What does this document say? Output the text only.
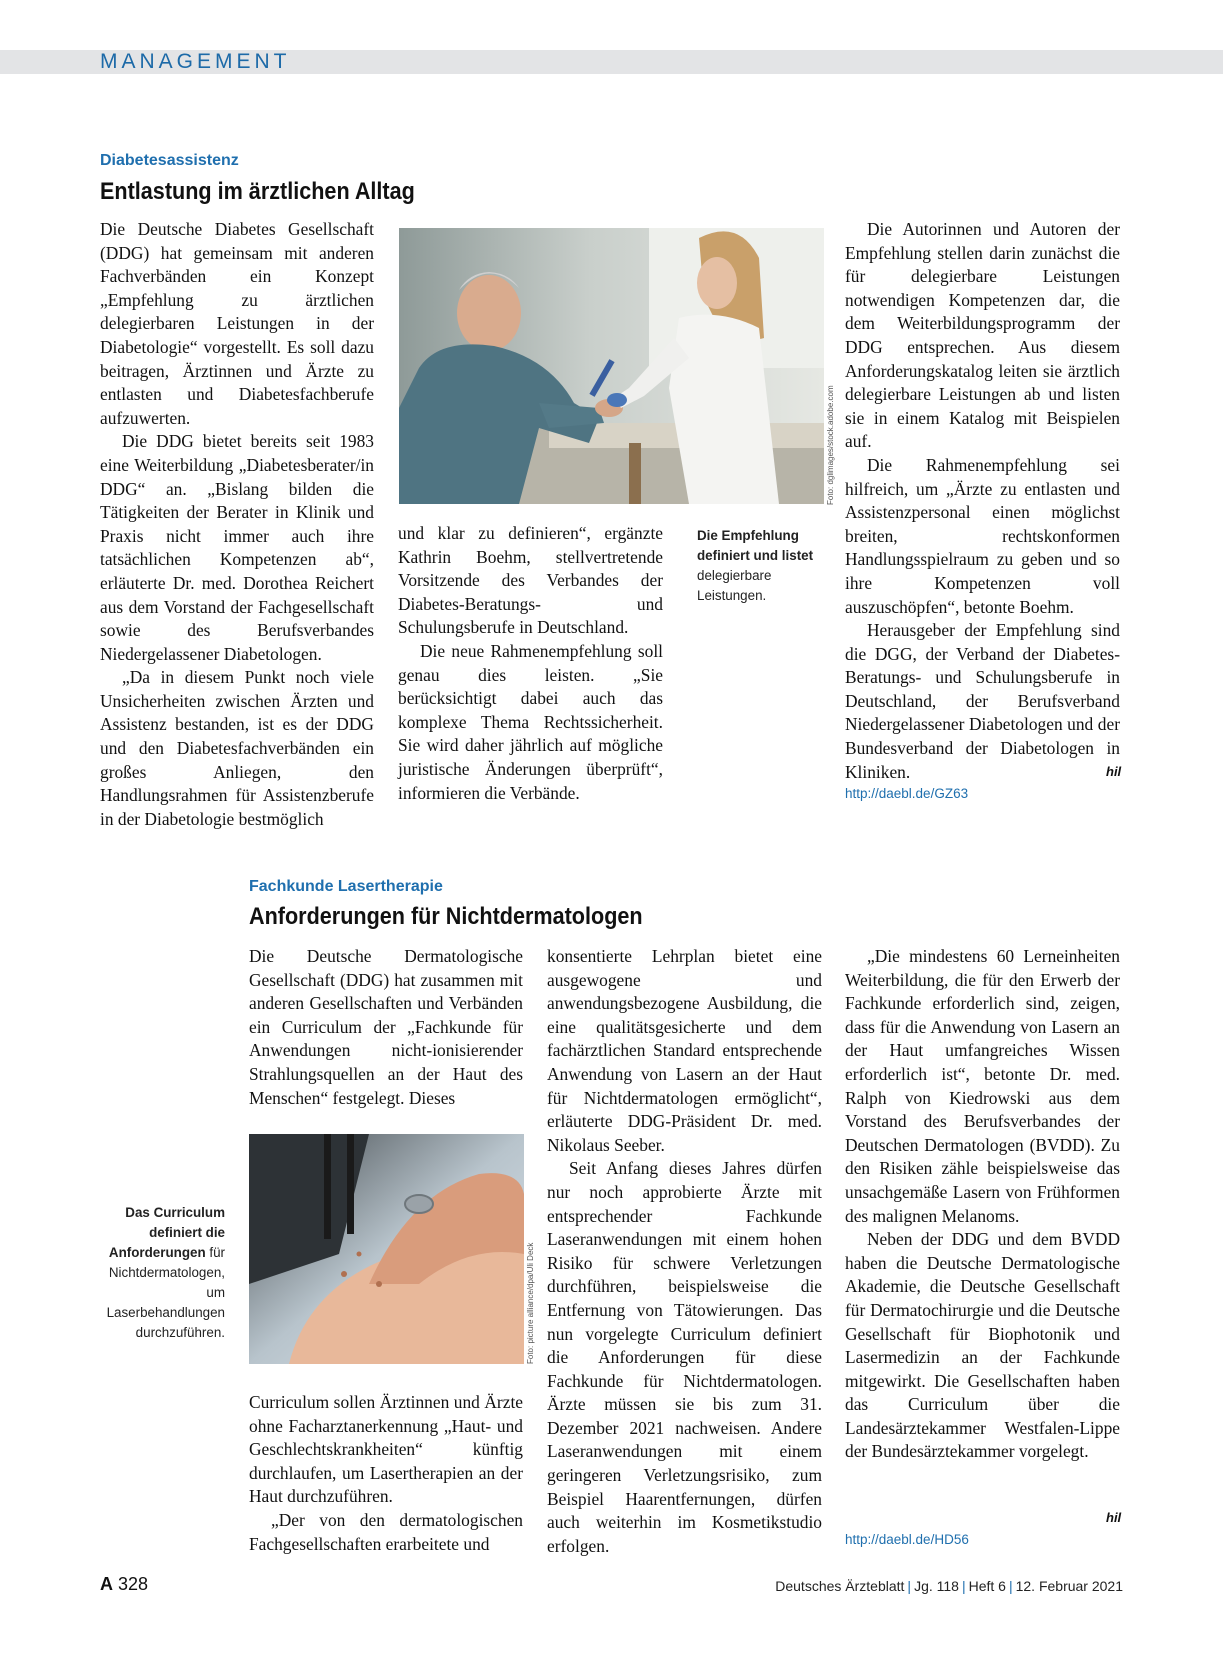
MANAGEMENT
Diabetesassistenz
Entlastung im ärztlichen Alltag

Die Deutsche Diabetes Gesellschaft (DDG) hat gemeinsam mit anderen Fachverbänden ein Konzept „Empfehlung zu ärztlichen delegierbaren Leistungen in der Diabetologie“ vorgestellt. Es soll dazu beitragen, Ärztinnen und Ärzte zu entlasten und Diabetesfachberufe aufzuwerten.

Die DDG bietet bereits seit 1983 eine Weiterbildung „Diabetesberater/in DDG“ an. „Bislang bilden die Tätigkeiten der Berater in Klinik und Praxis nicht immer auch ihre tatsächlichen Kompetenzen ab“, erläuterte Dr. med. Dorothea Reichert aus dem Vorstand der Fachgesellschaft sowie des Berufsverbandes Niedergelassener Diabetologen.

„Da in diesem Punkt noch viele Unsicherheiten zwischen Ärzten und Assistenz bestanden, ist es der DDG und den Diabetesfachverbänden ein großes Anliegen, den Handlungsrahmen für Assistenzberufe in der Diabetologie bestmöglich

Foto: dglimages/stock.adobe.com

und klar zu definieren“, ergänzte Kathrin Boehm, stellvertretende Vorsitzende des Verbandes der Diabetes-Beratungs- und Schulungsberufe in Deutschland.

Die neue Rahmenempfehlung soll genau dies leisten. „Sie berücksichtigt dabei auch das komplexe Thema Rechtssicherheit. Sie wird daher jährlich auf mögliche juristische Änderungen überprüft“, informieren die Verbände.

Die Empfehlung definiert und listet delegierbare Leistungen.

Die Autorinnen und Autoren der Empfehlung stellen darin zunächst die für delegierbare Leistungen notwendigen Kompetenzen dar, die dem Weiterbildungsprogramm der DDG entsprechen. Aus diesem Anforderungskatalog leiten sie ärztlich delegierbare Leistungen ab und listen sie in einem Katalog mit Beispielen auf.

Die Rahmenempfehlung sei hilfreich, um „Ärzte zu entlasten und Assistenzpersonal einen möglichst breiten, rechtskonformen Handlungsspielraum zu geben und so ihre Kompetenzen voll auszuschöpfen“, betonte Boehm.

Herausgeber der Empfehlung sind die DGG, der Verband der Diabetes-Beratungs- und Schulungsberufe in Deutschland, der Berufsverband Niedergelassener Diabetologen und der Bundesverband der Diabetologen in Kliniken.	hil
http://daebl.de/GZ63
Fachkunde Lasertherapie
Anforderungen für Nichtdermatologen

Die Deutsche Dermatologische Gesellschaft (DDG) hat zusammen mit anderen Gesellschaften und Verbänden ein Curriculum der „Fachkunde für Anwendungen nicht-ionisierender Strahlungsquellen an der Haut des Menschen“ festgelegt. Dieses

Foto: picture alliance/dpa/Uli Deck
Das Curriculum definiert die Anforderungen für Nichtdermatologen, um Laserbehandlungen durchzuführen.

Curriculum sollen Ärztinnen und Ärzte ohne Facharztanerkennung „Haut- und Geschlechtskrankheiten“ künftig durchlaufen, um Lasertherapien an der Haut durchzuführen.

„Der von den dermatologischen Fachgesellschaften erarbeitete und

konsentierte Lehrplan bietet eine ausgewogene und anwendungsbezogene Ausbildung, die eine qualitätsgesicherte und dem fachärztlichen Standard entsprechende Anwendung von Lasern an der Haut für Nichtdermatologen ermöglicht“, erläuterte DDG-Präsident Dr. med. Nikolaus Seeber.

Seit Anfang dieses Jahres dürfen nur noch approbierte Ärzte mit entsprechender Fachkunde Laseranwendungen mit einem hohen Risiko für schwere Verletzungen durchführen, beispielsweise die Entfernung von Tätowierungen. Das nun vorgelegte Curriculum definiert die Anforderungen für diese Fachkunde für Nichtdermatologen. Ärzte müssen sie bis zum 31. Dezember 2021 nachweisen. Andere Laseranwendungen mit einem geringeren Verletzungsrisiko, zum Beispiel Haarentfernungen, dürfen auch weiterhin im Kosmetikstudio erfolgen.

„Die mindestens 60 Lerneinheiten Weiterbildung, die für den Erwerb der Fachkunde erforderlich sind, zeigen, dass für die Anwendung von Lasern an der Haut umfangreiches Wissen erforderlich ist“, betonte Dr. med. Ralph von Kiedrowski aus dem Vorstand des Berufsverbandes der Deutschen Dermatologen (BVDD). Zu den Risiken zähle beispielsweise das unsachgemäße Lasern von Frühformen des malignen Melanoms.

Neben der DDG und dem BVDD haben die Deutsche Dermatologische Akademie, die Deutsche Gesellschaft für Dermatochirurgie und die Deutsche Gesellschaft für Biophotonik und Lasermedizin an der Fachkunde mitgewirkt. Die Gesellschaften haben das Curriculum über die Landesärztekammer Westfalen-Lippe der Bundesärztekammer vorgelegt.

hil
http://daebl.de/HD56
A 328	Deutsches Ärzteblatt | Jg. 118 | Heft 6 | 12. Februar 2021
